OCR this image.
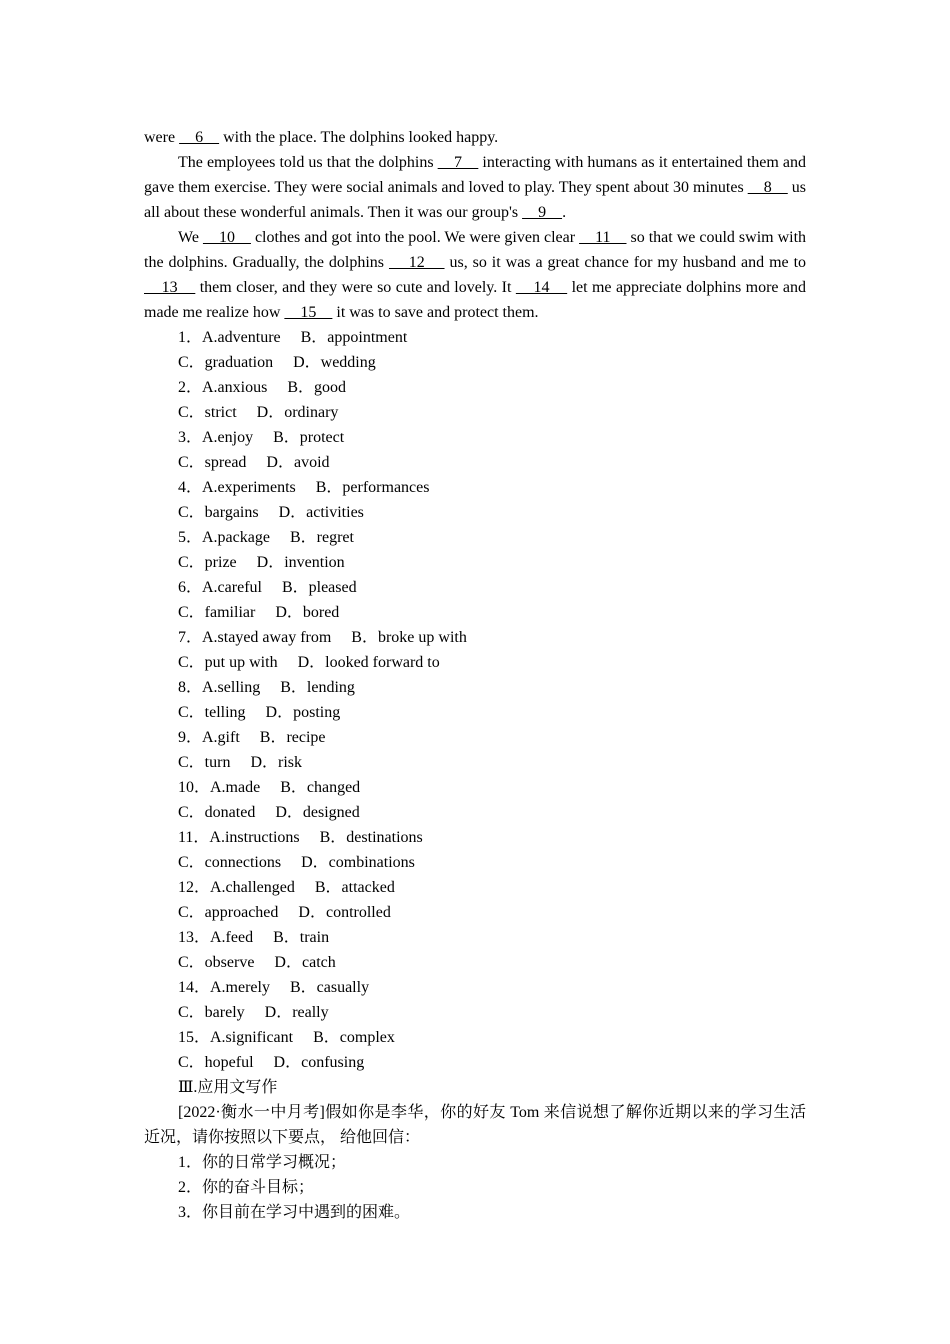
were     6     with the place. The dolphins looked happy.

The employees told us that the dolphins     7     interacting with humans as it entertained them and gave them exercise. They were social animals and loved to play. They spent about 30 minutes     8     us all about these wonderful animals. Then it was our group's     9    .

We     10     clothes and got into the pool. We were given clear     11     so that we could swim with the dolphins. Gradually, the dolphins     12     us, so it was a great chance for my husband and me to     13     them closer, and they were so cute and lovely. It     14     let me appreciate dolphins more and made me realize how     15     it was to save and protect them.

1．A.adventure     B．appointment

C．graduation     D．wedding

2．A.anxious     B．good

C．strict     D．ordinary

3．A.enjoy     B．protect

C．spread     D．avoid

4．A.experiments     B．performances

C．bargains     D．activities

5．A.package     B．regret

C．prize     D．invention

6．A.careful     B．pleased

C．familiar     D．bored

7．A.stayed away from     B．broke up with

C．put up with     D．looked forward to

8．A.selling     B．lending

C．telling     D．posting

9．A.gift     B．recipe

C．turn     D．risk

10．A.made     B．changed

C．donated     D．designed

11．A.instructions     B．destinations

C．connections     D．combinations

12．A.challenged     B．attacked

C．approached     D．controlled

13．A.feed     B．train

C．observe     D．catch

14．A.merely     B．casually

C．barely     D．really

15．A.significant     B．complex

C．hopeful     D．confusing

Ⅲ.应用文写作

[2022·衡水一中月考]假如你是李华，你的好友 Tom 来信说想了解你近期以来的学习生活近况，请你按照以下要点， 给他回信：

1．你的日常学习概况；

2．你的奋斗目标；

3．你目前在学习中遇到的困难。
